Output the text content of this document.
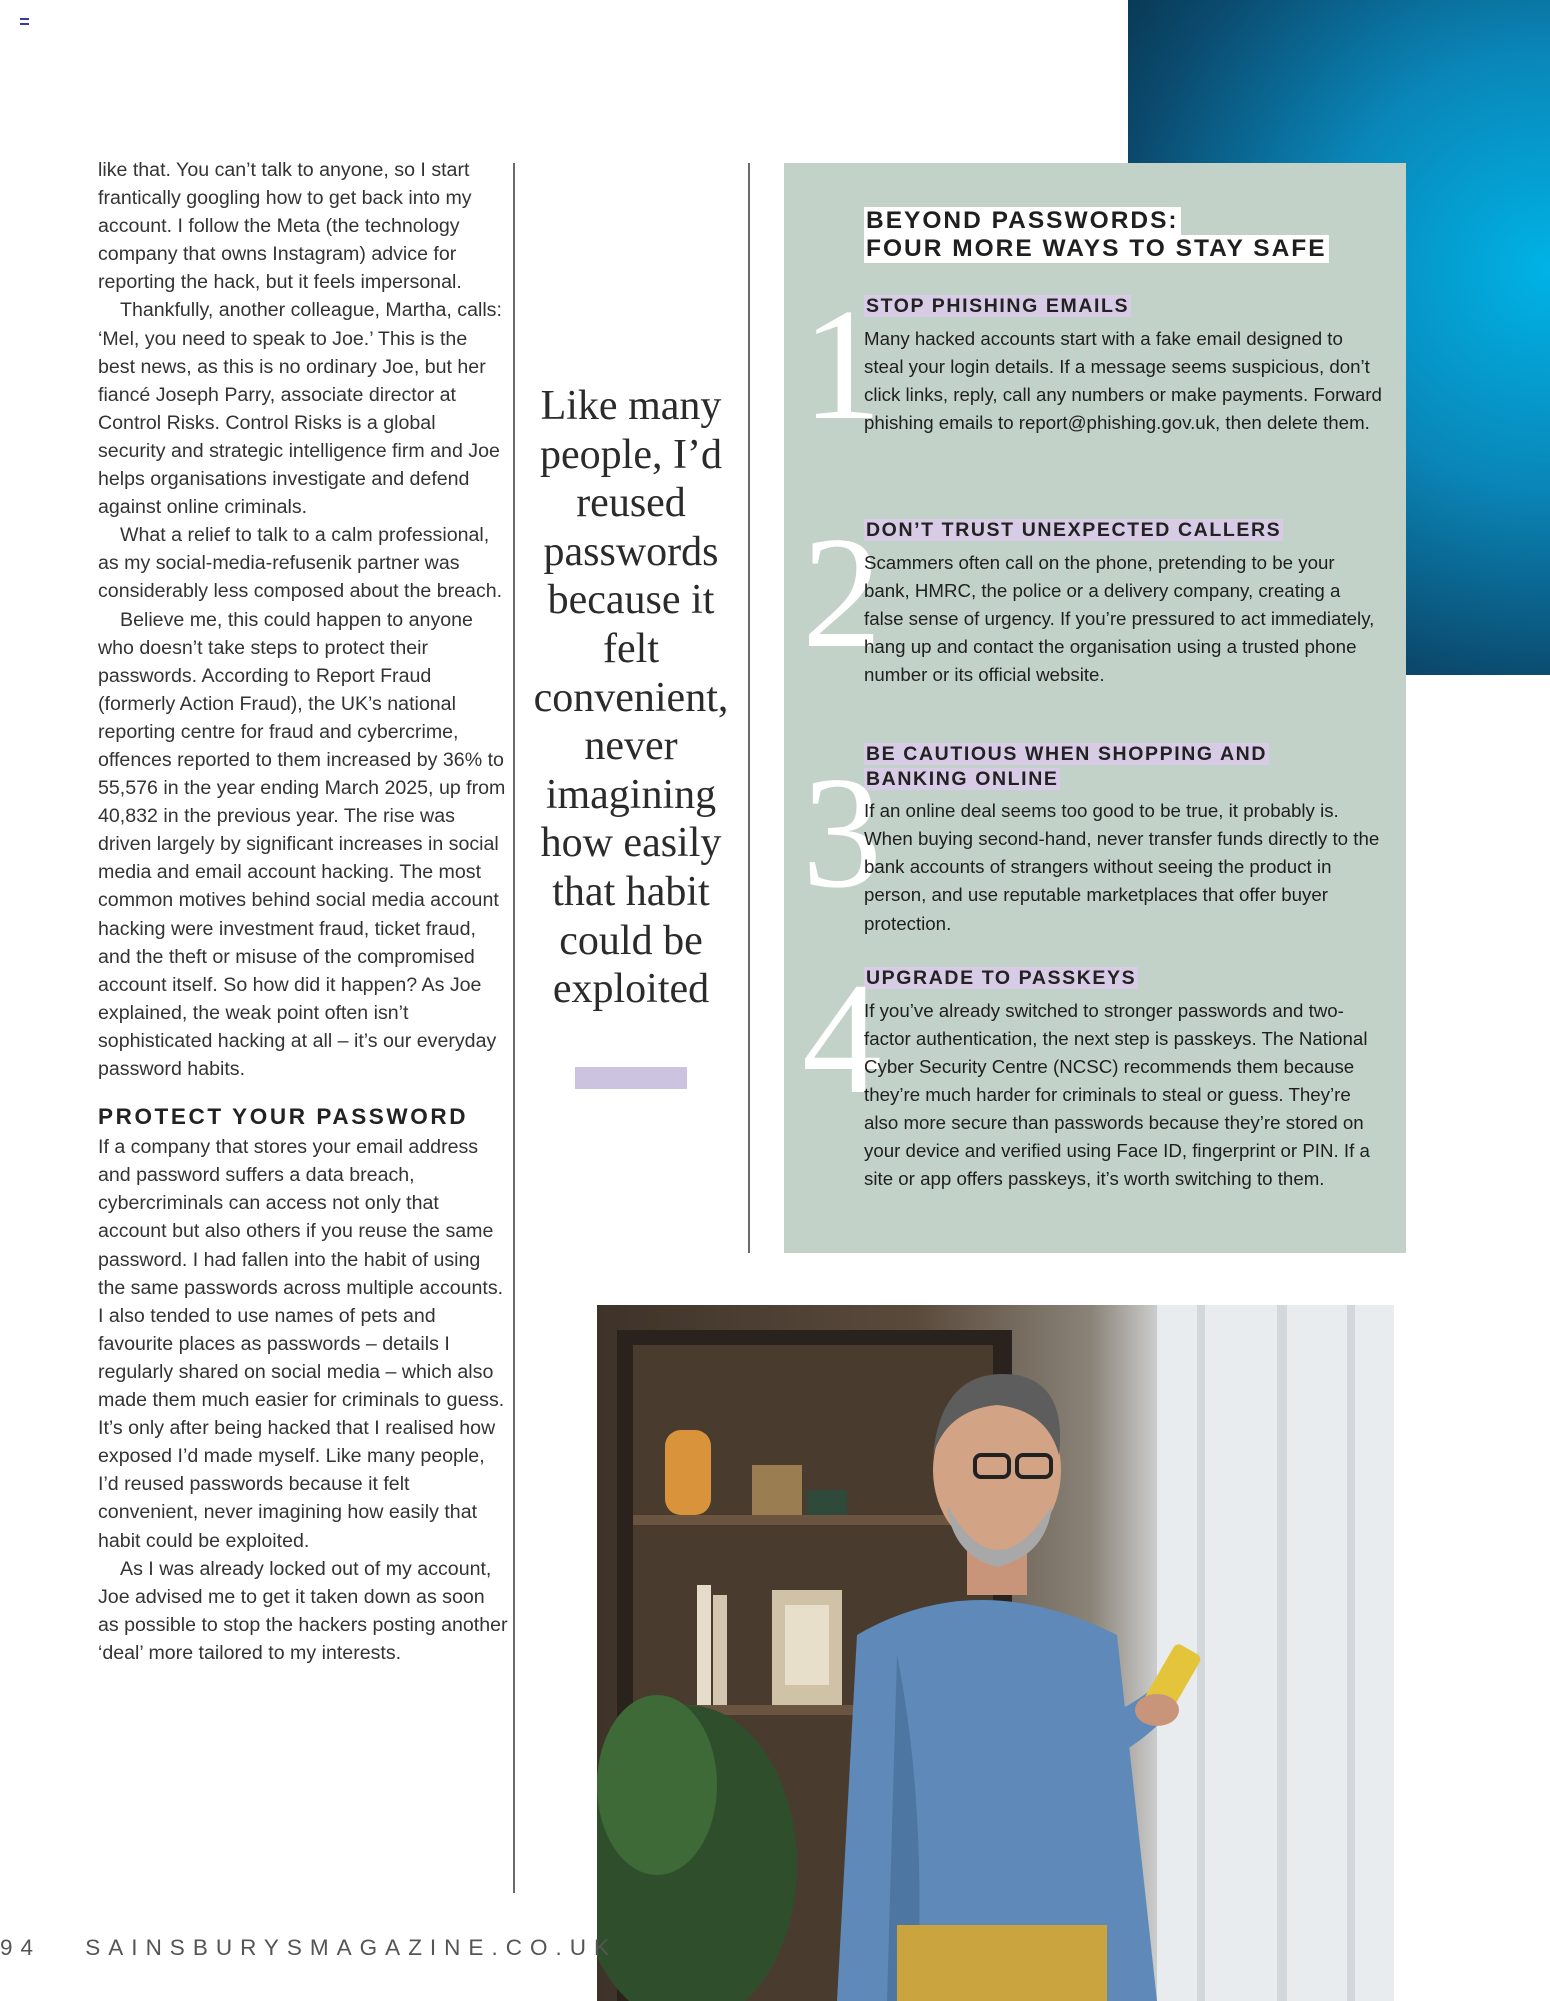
like that. You can’t talk to anyone, so I start frantically googling how to get back into my account. I follow the Meta (the technology company that owns Instagram) advice for reporting the hack, but it feels impersonal.

Thankfully, another colleague, Martha, calls: ‘Mel, you need to speak to Joe.’ This is the best news, as this is no ordinary Joe, but her fiancé Joseph Parry, associate director at Control Risks. Control Risks is a global security and strategic intelligence firm and Joe helps organisations investigate and defend against online criminals.

What a relief to talk to a calm professional, as my social-media-refusenik partner was considerably less composed about the breach.

Believe me, this could happen to anyone who doesn’t take steps to protect their passwords. According to Report Fraud (formerly Action Fraud), the UK’s national reporting centre for fraud and cybercrime, offences reported to them increased by 36% to 55,576 in the year ending March 2025, up from 40,832 in the previous year. The rise was driven largely by significant increases in social media and email account hacking. The most common motives behind social media account hacking were investment fraud, ticket fraud, and the theft or misuse of the compromised account itself. So how did it happen? As Joe explained, the weak point often isn’t sophisticated hacking at all – it’s our everyday password habits.

PROTECT YOUR PASSWORD

If a company that stores your email address and password suffers a data breach, cybercriminals can access not only that account but also others if you reuse the same password. I had fallen into the habit of using the same passwords across multiple accounts. I also tended to use names of pets and favourite places as passwords – details I regularly shared on social media – which also made them much easier for criminals to guess. It’s only after being hacked that I realised how exposed I’d made myself. Like many people, I’d reused passwords because it felt convenient, never imagining how easily that habit could be exploited.

As I was already locked out of my account, Joe advised me to get it taken down as soon as possible to stop the hackers posting another ‘deal’ more tailored to my interests.

Like many people, I’d reused passwords because it felt convenient, never imagining how easily that habit could be exploited
BEYOND PASSWORDS:
FOUR MORE WAYS TO STAY SAFE
1
STOP PHISHING EMAILS
Many hacked accounts start with a fake email designed to steal your login details. If a message seems suspicious, don’t click links, reply, call any numbers or make payments. Forward phishing emails to report@phishing.gov.uk, then delete them.
2
DON’T TRUST UNEXPECTED CALLERS
Scammers often call on the phone, pretending to be your bank, HMRC, the police or a delivery company, creating a false sense of urgency. If you’re pressured to act immediately, hang up and contact the organisation using a trusted phone number or its official website.
3
BE CAUTIOUS WHEN SHOPPING AND
BANKING ONLINE
If an online deal seems too good to be true, it probably is. When buying second-hand, never transfer funds directly to the bank accounts of strangers without seeing the product in person, and use reputable marketplaces that offer buyer protection.
4
UPGRADE TO PASSKEYS
If you’ve already switched to stronger passwords and two-factor authentication, the next step is passkeys. The National Cyber Security Centre (NCSC) recommends them because they’re much harder for criminals to steal or guess. They’re also more secure than passwords because they’re stored on your device and verified using Face ID, fingerprint or PIN. If a site or app offers passkeys, it’s worth switching to them.
94 SAINSBURYSMAGAZINE.CO.UK
